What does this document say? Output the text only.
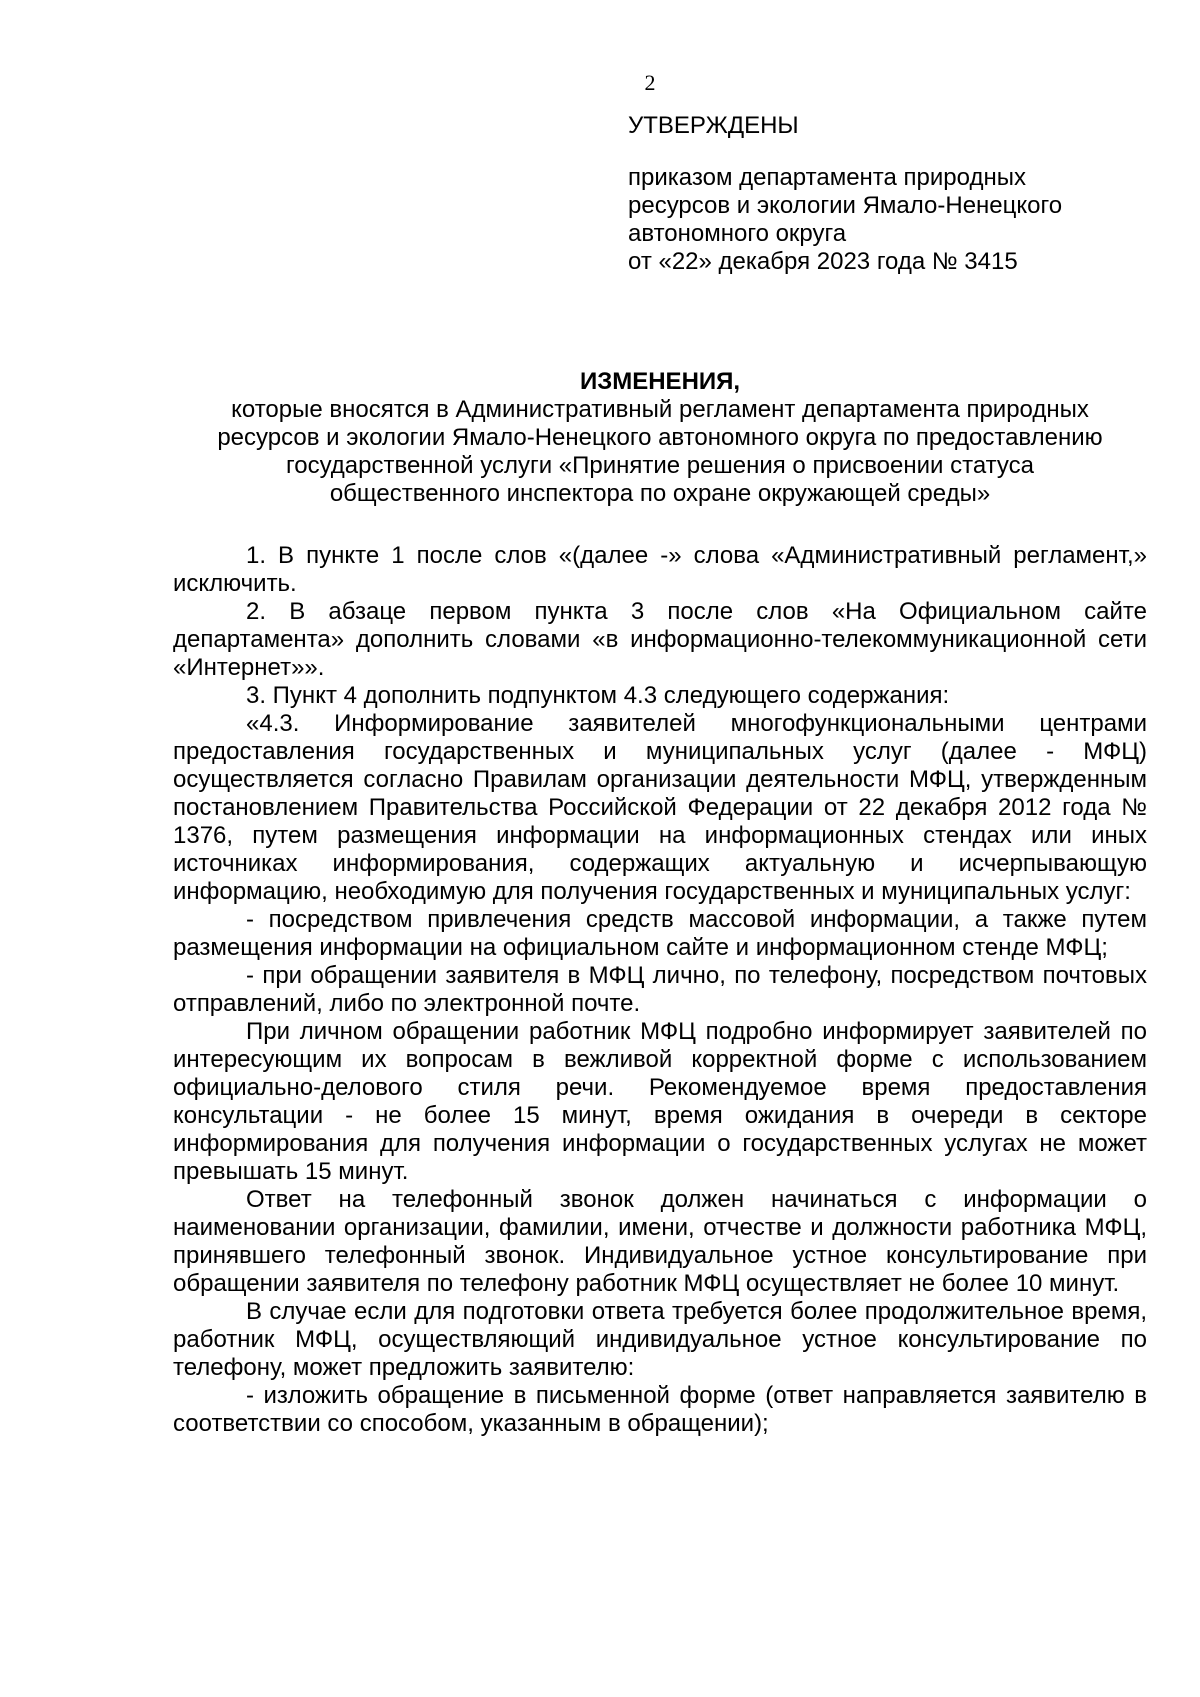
2

УТВЕРЖДЕНЫ

приказом департамента природных

ресурсов и экологии Ямало-Ненецкого

автономного округа

от «22» декабря 2023 года № 3415

ИЗМЕНЕНИЯ,

которые вносятся в Административный регламент департамента природных

ресурсов и экологии Ямало-Ненецкого автономного округа по предоставлению

государственной услуги «Принятие решения о присвоении статуса

общественного инспектора по охране окружающей среды»

1. В пункте 1 после слов «(далее -» слова «Административный регламент,» исключить.

2. В абзаце первом пункта 3 после слов «На Официальном сайте департамента» дополнить словами «в информационно-телекоммуникационной сети «Интернет»».

3. Пункт 4 дополнить подпунктом 4.3 следующего содержания:

«4.3. Информирование заявителей многофункциональными центрами предоставления государственных и муниципальных услуг (далее - МФЦ) осуществляется согласно Правилам организации деятельности МФЦ, утвержденным постановлением Правительства Российской Федерации от 22 декабря 2012 года № 1376, путем размещения информации на информационных стендах или иных источниках информирования, содержащих актуальную и исчерпывающую информацию, необходимую для получения государственных и муниципальных услуг:

- посредством привлечения средств массовой информации, а также путем размещения информации на официальном сайте и информационном стенде МФЦ;

- при обращении заявителя в МФЦ лично, по телефону, посредством почтовых отправлений, либо по электронной почте.

При личном обращении работник МФЦ подробно информирует заявителей по интересующим их вопросам в вежливой корректной форме с использованием официально-делового стиля речи. Рекомендуемое время предоставления консультации - не более 15 минут, время ожидания в очереди в секторе информирования для получения информации о государственных услугах не может превышать 15 минут.

Ответ на телефонный звонок должен начинаться с информации о наименовании организации, фамилии, имени, отчестве и должности работника МФЦ, принявшего телефонный звонок. Индивидуальное устное консультирование при обращении заявителя по телефону работник МФЦ осуществляет не более 10 минут.

В случае если для подготовки ответа требуется более продолжительное время, работник МФЦ, осуществляющий индивидуальное устное консультирование по телефону, может предложить заявителю:

- изложить обращение в письменной форме (ответ направляется заявителю в соответствии со способом, указанным в обращении);
